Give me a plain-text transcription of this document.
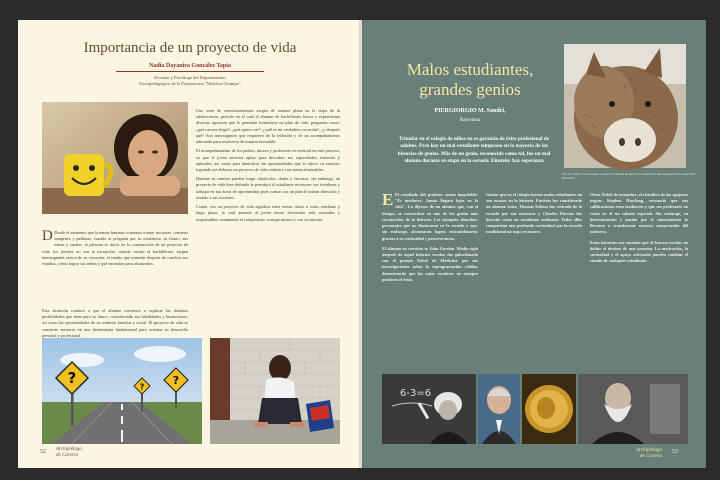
Importancia de un proyecto de vida
Nadia Dayanira González Tapia
Docente y Psicóloga del Departamento
Psicopedagógico de la Preparatoria "Melchor Ocampo"
D Desde el momento que la mente humana comienza a tener nociones, contener imágenes y palabras, cuando se pregunta por su existencia, su futuro, sus metas y sueños, la persona se inicia en la construcción de un proyecto de vida, los jóvenes no son la excepción, cuando cursan el bachillerato, surgen interrogantes acerca de su vocación, el rumbo que tomarán después de concluir sus estudios, cómo lograr sus metas y qué necesitan para alcanzarlas.
Esta situación conduce a que el alumno comience a explorar las distintas posibilidades que tiene para su futuro, considerando sus habilidades y limitaciones, así como las oportunidades de su contexto familiar y social. El proyecto de vida se convierte entonces en una herramienta fundamental para orientar su desarrollo personal y profesional.

Una serie de cuestionamientos surgen de manera plena en la etapa de la adolescencia, período en el cual el alumno de bachillerato busca y experimenta diversas opciones que le permitan formularse un plan de vida, preguntas como: ¿qué carrera elegir?, ¿qué quiero ser?, ¿cuál es mi verdadera vocación?, ¿y después qué? Son interrogantes que requieren de la reflexión y de un acompañamiento adecuado para resolverse de manera favorable.

El acompañamiento de los padres, tutores y profesores es esencial en este proceso, ya que el joven necesita apoyo para descubrir sus capacidades, intereses y aptitudes, así como para identificar las oportunidades que le ofrece su entorno, logrando así elaborar un proyecto de vida realista y con metas alcanzables.

Durante su camino pueden surgir obstáculos, dudas y fracasos, sin embargo, un proyecto de vida bien definido le permitirá al estudiante reconocer sus fortalezas y trabajar en sus áreas de oportunidad, pues contar con un plan le brinda dirección y sentido a sus acciones.

Contar con un proyecto de vida significa tener metas claras a corto, mediano y largo plazo, lo cual permite al joven tomar decisiones más acertadas y responsables, asumiendo el compromiso consigo mismo y con su entorno.

?	?	?
52 Archipiélago
de Carrera
Malos estudiantes,
grandes genios
PIERGIORGIO M. Sandri,
Barcelona
Triunfar en el colegio de niños no es garantía de éxito profesional de adultos. Pero hay un mal estudiante temprano en la mayoría de las historias de genios. Más de un genio, reconocido como tal, fue un mal alumno durante su etapa en la escuela. Einstein: hay esperanza
Por ese "burro" en el colegio escolar se convirtió en uno de los científicos más importantes del siglo XX (Einstein)
E El resultado del profesor suena inapelable: "Es mediocre. Jamás llegará lejos en la vida". Lo dijeron de un alumno que, con el tiempo, se convertiría en uno de los genios más reconocidos de la historia. Los ejemplos abundan: personajes que no destacaron en la escuela y que, sin embargo, alcanzaron logros extraordinarios gracias a su curiosidad y perseverancia.

El alumno en cuestión es John Gurdon. Medio siglo después de aquel informe escolar, fue galardonado con el premio Nobel de Medicina por sus investigaciones sobre la reprogramación celular, demostrando que las notas escolares no siempre predicen el éxito.

Genios que en el colegio fueron malos estudiantes no son escasos en la historia. Einstein fue considerado un alumno lento, Thomas Edison fue retirado de la escuela por sus maestros y Charles Darwin fue descrito como un estudiante ordinario. Todos ellos compartían una profunda curiosidad que la escuela tradicional no supo reconocer.

Otros Nobel de renombre, el científico de los agujeros negros Stephen Hawking, reconoció que sus calificaciones eran mediocres y que sus profesores no veían en él un talento especial. Sin embargo, su determinación y pasión por el conocimiento lo llevaron a transformar nuestra comprensión del universo.

Estas historias nos enseñan que el fracaso escolar no define el destino de una persona. La motivación, la curiosidad y el apoyo adecuado pueden cambiar el rumbo de cualquier estudiante.

6-3=6
Archipiélago
de Carrera
53
